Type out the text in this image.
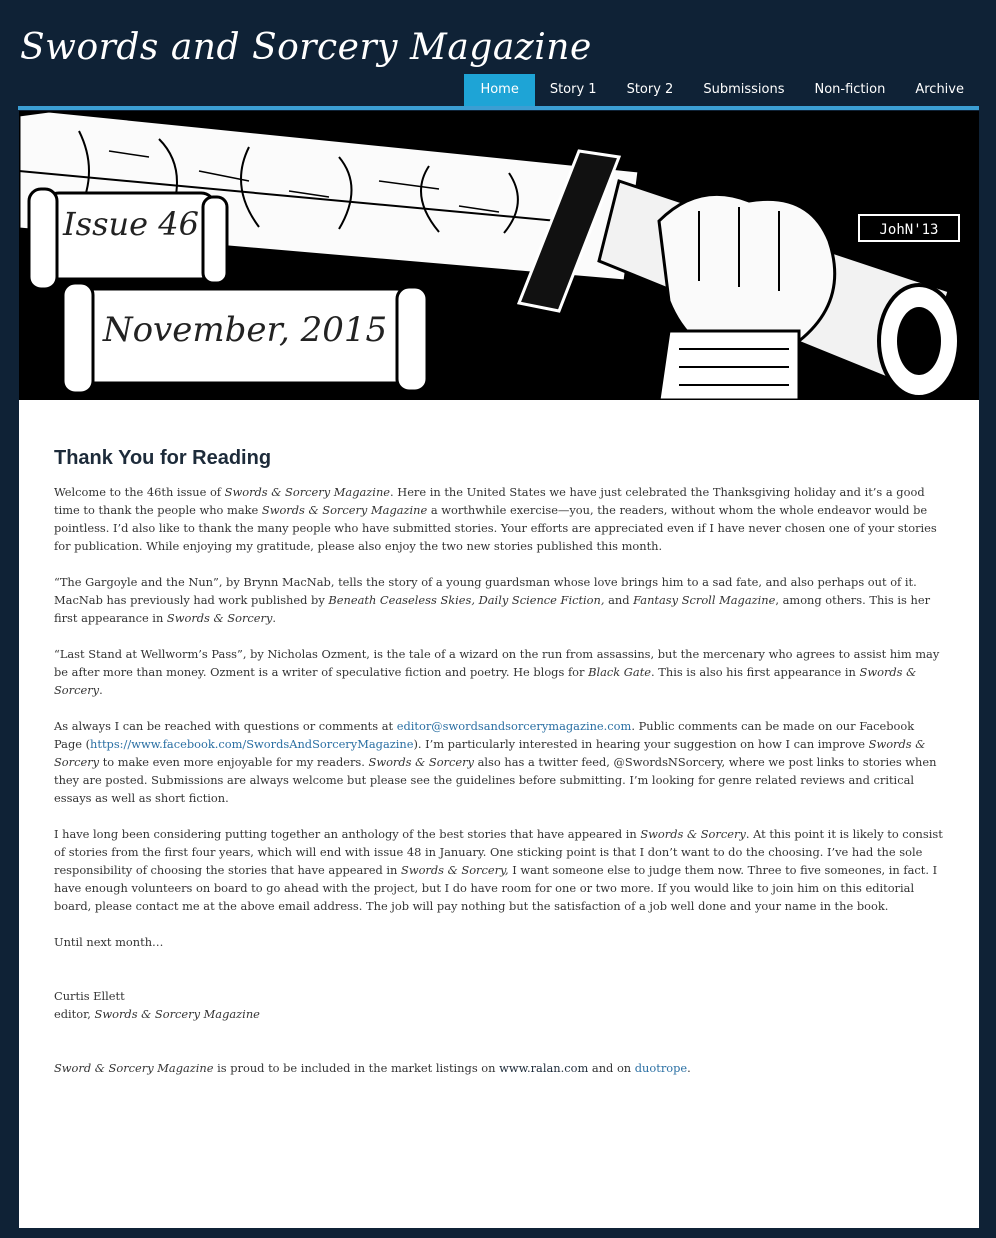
Swords and Sorcery Magazine
Home	Story 1	Story 2	Submissions	Non-fiction	Archive
JohN'13
Issue 46
November, 2015
Thank You for Reading

Welcome to the 46th issue of Swords & Sorcery Magazine. Here in the United States we have just celebrated the Thanksgiving holiday and it’s a good time to thank the people who make Swords & Sorcery Magazine a worthwhile exercise—you, the readers, without whom the whole endeavor would be pointless. I’d also like to thank the many people who have submitted stories. Your efforts are appreciated even if I have never chosen one of your stories for publication. While enjoying my gratitude, please also enjoy the two new stories published this month.

“The Gargoyle and the Nun”, by Brynn MacNab, tells the story of a young guardsman whose love brings him to a sad fate, and also perhaps out of it. MacNab has previously had work published by Beneath Ceaseless Skies, Daily Science Fiction, and Fantasy Scroll Magazine, among others. This is her first appearance in Swords & Sorcery.

“Last Stand at Wellworm’s Pass”, by Nicholas Ozment, is the tale of a wizard on the run from assassins, but the mercenary who agrees to assist him may be after more than money. Ozment is a writer of speculative fiction and poetry. He blogs for Black Gate. This is also his first appearance in Swords & Sorcery.

As always I can be reached with questions or comments at editor@swordsandsorcerymagazine.com. Public comments can be made on our Facebook Page (https://www.facebook.com/SwordsAndSorceryMagazine). I’m particularly interested in hearing your suggestion on how I can improve Swords & Sorcery to make even more enjoyable for my readers. Swords & Sorcery also has a twitter feed, @SwordsNSorcery, where we post links to stories when they are posted. Submissions are always welcome but please see the guidelines before submitting. I’m looking for genre related reviews and critical essays as well as short fiction.

I have long been considering putting together an anthology of the best stories that have appeared in Swords & Sorcery. At this point it is likely to consist of stories from the first four years, which will end with issue 48 in January. One sticking point is that I don’t want to do the choosing. I’ve had the sole responsibility of choosing the stories that have appeared in Swords & Sorcery, I want someone else to judge them now. Three to five someones, in fact. I have enough volunteers on board to go ahead with the project, but I do have room for one or two more. If you would like to join him on this editorial board, please contact me at the above email address. The job will pay nothing but the satisfaction of a job well done and your name in the book.

Until next month…

Curtis Ellett
editor, Swords & Sorcery Magazine

Sword & Sorcery Magazine is proud to be included in the market listings on www.ralan.com and on duotrope.
